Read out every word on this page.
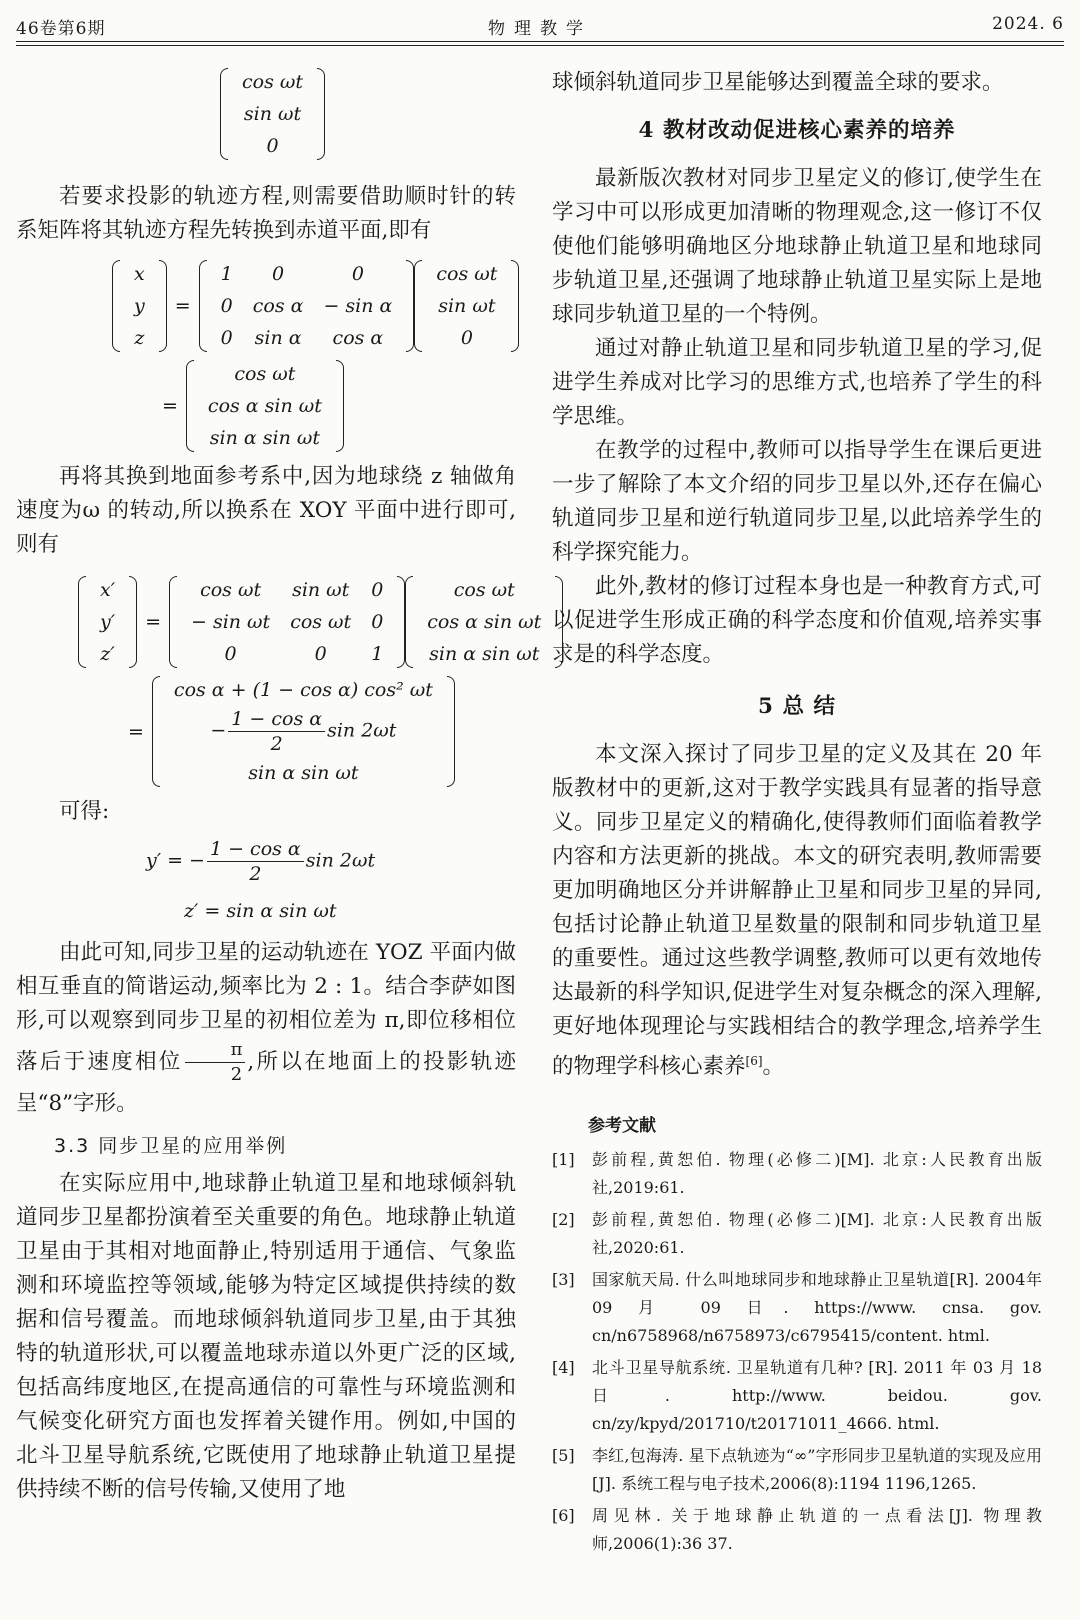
46卷第6期	物理教学	2024. 6
cos ωt
sin ωt
0

若要求投影的轨迹方程,则需要借助顺时针的转系矩阵将其轨迹方程先转换到赤道平面,即有

x
y
z
=
1	0	0
0	cos α	− sin α
0	sin α	cos α
cos ωt
sin ωt
0
=
cos ωt
cos α sin ωt
sin α sin ωt

再将其换到地面参考系中,因为地球绕 z 轴做角速度为ω 的转动,所以换系在 XOY 平面中进行即可,则有

x′
y′
z′
=
cos ωt	sin ωt	0
− sin ωt	cos ωt	0
0	0	1
cos ωt
cos α sin ωt
sin α sin ωt
=
cos α + (1 − cos α) cos² ωt
− $\frac{\text{1 − cos α}}{2}$ sin 2ωt
sin α sin ωt

可得:

y′ = − $\frac{\text{1 − cos α}}{2}$ sin 2ωt
z′ = sin α sin ωt

由此可知,同步卫星的运动轨迹在 YOZ 平面内做相互垂直的简谐运动,频率比为 2 : 1。结合李萨如图形,可以观察到同步卫星的初相位差为 π,即位移相位落后于速度相位 $\frac{\pi}{2}$ ,所以在地面上的投影轨迹呈“8”字形。

3.3 同步卫星的应用举例

在实际应用中,地球静止轨道卫星和地球倾斜轨道同步卫星都扮演着至关重要的角色。地球静止轨道卫星由于其相对地面静止,特别适用于通信、气象监测和环境监控等领域,能够为特定区域提供持续的数据和信号覆盖。而地球倾斜轨道同步卫星,由于其独特的轨道形状,可以覆盖地球赤道以外更广泛的区域,包括高纬度地区,在提高通信的可靠性与环境监测和气候变化研究方面也发挥着关键作用。例如,中国的北斗卫星导航系统,它既使用了地球静止轨道卫星提供持续不断的信号传输,又使用了地

球倾斜轨道同步卫星能够达到覆盖全球的要求。

4 教材改动促进核心素养的培养

最新版次教材对同步卫星定义的修订,使学生在学习中可以形成更加清晰的物理观念,这一修订不仅使他们能够明确地区分地球静止轨道卫星和地球同步轨道卫星,还强调了地球静止轨道卫星实际上是地球同步轨道卫星的一个特例。

通过对静止轨道卫星和同步轨道卫星的学习,促进学生养成对比学习的思维方式,也培养了学生的科学思维。

在教学的过程中,教师可以指导学生在课后更进一步了解除了本文介绍的同步卫星以外,还存在偏心轨道同步卫星和逆行轨道同步卫星,以此培养学生的科学探究能力。

此外,教材的修订过程本身也是一种教育方式,可以促进学生形成正确的科学态度和价值观,培养实事求是的科学态度。

5 总 结

本文深入探讨了同步卫星的定义及其在 20 年版教材中的更新,这对于教学实践具有显著的指导意义。同步卫星定义的精确化,使得教师们面临着教学内容和方法更新的挑战。本文的研究表明,教师需要更加明确地区分并讲解静止卫星和同步卫星的异同,包括讨论静止轨道卫星数量的限制和同步轨道卫星的重要性。通过这些教学调整,教师可以更有效地传达最新的科学知识,促进学生对复杂概念的深入理解,更好地体现理论与实践相结合的教学理念,培养学生的物理学科核心素养[6]。

参考文献
[1]	彭前程,黄恕伯. 物理(必修二)[M]. 北京:人民教育出版社,2019:61.
[2]	彭前程,黄恕伯. 物理(必修二)[M]. 北京:人民教育出版社,2020:61.
[3]	国家航天局. 什么叫地球同步和地球静止卫星轨道[R]. 2004年 09 月 09 日. https://www. cnsa. gov. cn/n6758968/n6758973/c6795415/content. html.
[4]	北斗卫星导航系统. 卫星轨道有几种? [R]. 2011 年 03 月 18 日. http://www. beidou. gov. cn/zy/kpyd/201710/t20171011_4666. html.
[5]	李红,包海涛. 星下点轨迹为“∞”字形同步卫星轨道的实现及应用[J]. 系统工程与电子技术,2006(8):1194 1196,1265.
[6]	周见林. 关于地球静止轨道的一点看法[J]. 物理教师,2006(1):36 37.
